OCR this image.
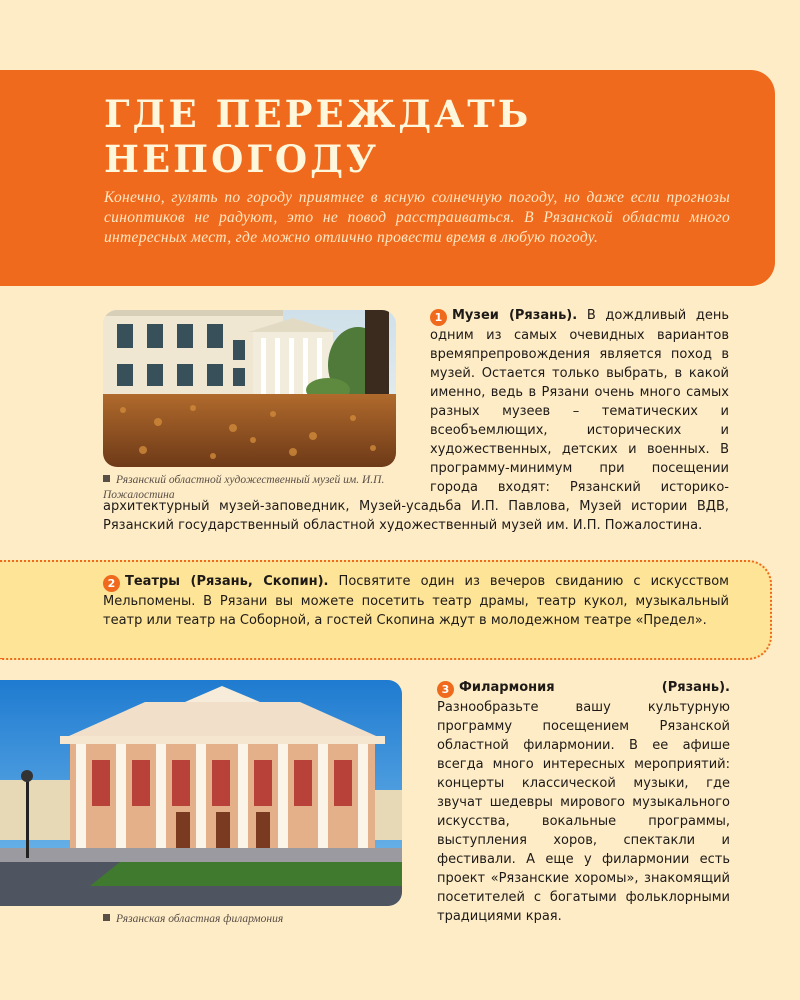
ГДЕ ПЕРЕЖДАТЬ НЕПОГОДУ

Конечно, гулять по городу приятнее в ясную солнечную погоду, но даже если прогнозы синоптиков не радуют, это не повод расстраиваться. В Рязанской области много интересных мест, где можно отлично провести время в любую погоду.

Рязанский областной художественный музей им. И.П. Пожалостина
1 Музеи (Рязань). В дождливый день одним из самых очевидных вариантов времяпрепровождения является поход в музей. Остается только выбрать, в какой именно, ведь в Рязани очень много самых разных музеев – тематических и всеобъемлющих, исторических и художественных, детских и военных. В программу-минимум при посещении города входят: Рязанский историко-архитектурный музей-заповедник, Музей-усадьба И.П. Павлова, Музей истории ВДВ, Рязанский государственный областной художественный музей им. И.П. Пожалостина.
2 Театры (Рязань, Скопин). Посвятите один из вечеров свиданию с искусством Мельпомены. В Рязани вы можете посетить театр драмы, театр кукол, музыкальный театр или театр на Соборной, а гостей Скопина ждут в молодежном театре «Предел».
Рязанская областная филармония
3 Филармония (Рязань). Разнообразьте вашу культурную программу посещением Рязанской областной филармонии. В ее афише всегда много интересных мероприятий: концерты классической музыки, где звучат шедевры мирового музыкального искусства, вокальные программы, выступления хоров, спектакли и фестивали. А еще у филармонии есть проект «Рязанские хоромы», знакомящий посетителей с богатыми фольклорными традициями края.
